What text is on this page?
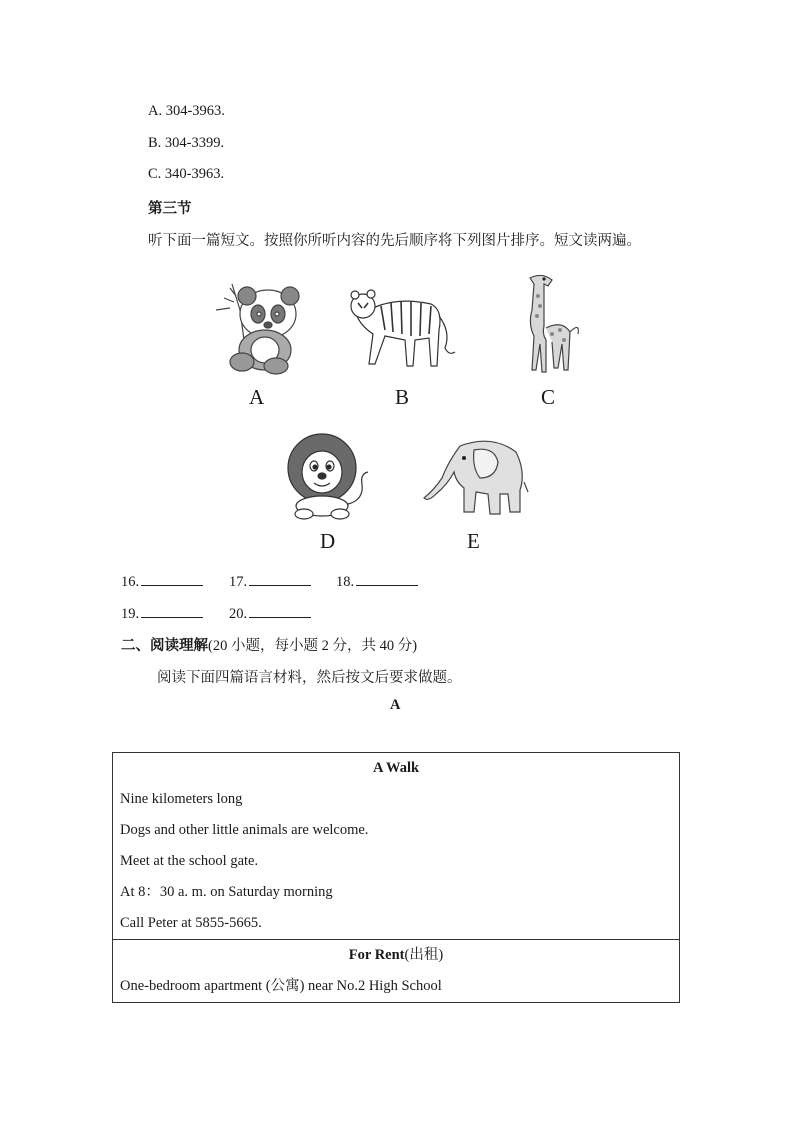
A. 304-3963.
B. 304-3399.
C. 340-3963.
第三节
听下面一篇短文。按照你所听内容的先后顺序将下列图片排序。短文读两遍。
A	B	C
D	E
16.	17.	18.
19.	20.
二、阅读理解(20 小题，每小题 2 分，共 40 分)
阅读下面四篇语言材料，然后按文后要求做题。
A
A Walk
Nine kilometers long
Dogs and other little animals are welcome.
Meet at the school gate.
At 8：30 a. m. on Saturday morning
Call Peter at 5855-5665.

For Rent(出租)
One-bedroom apartment (公寓) near No.2 High School
